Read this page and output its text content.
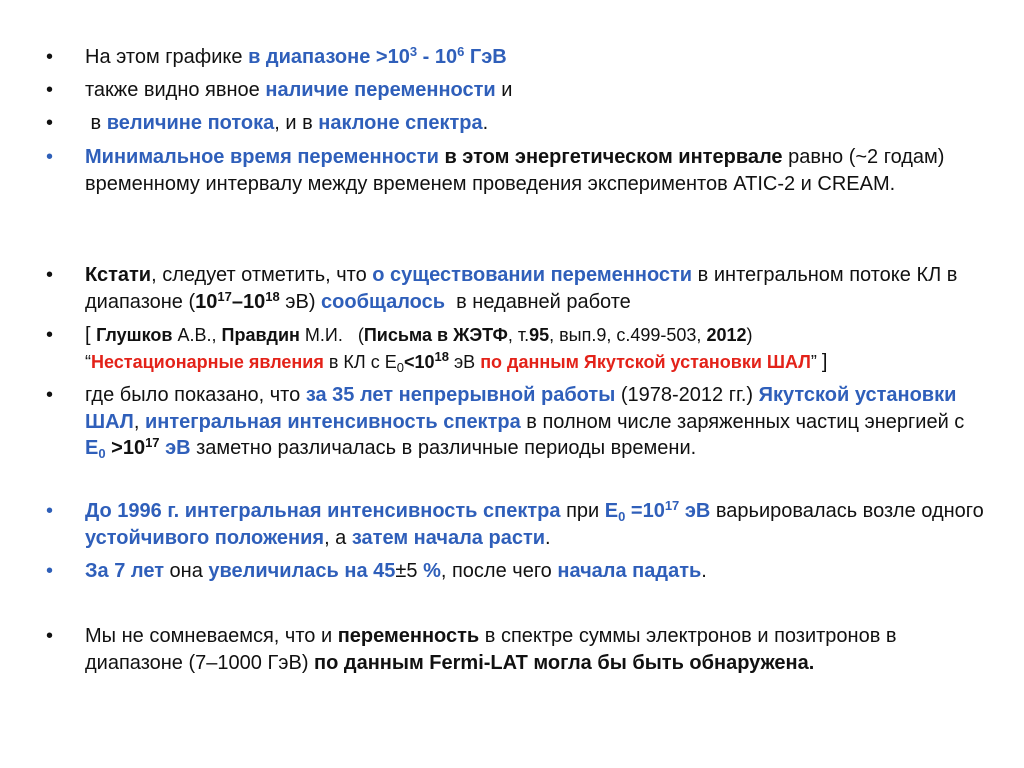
• На этом графике в диапазоне $>10^3 - 10^6$ ГэВ
• также видно явное наличие переменности и
• в величине потока, и в наклоне спектра.
• Минимальное время переменности в этом энергетическом интервале равно (~2 годам) временному интервалу между временем проведения экспериментов ATIC-2 и CREAM.
• Кстати, следует отметить, что о существовании переменности в интегральном потоке КЛ в диапазоне ($10^{17}-10^{18}$ эВ) сообщалось  в недавней работе
• [ Глушков А.В., Правдин М.И.   (Письма в ЖЭТФ, т.95, вып.9, с.499-503, 2012)
“Нестационарные явления в КЛ с $E_0<10^{18}$ эВ по данным Якутской установки ШАЛ” ]
• где было показано, что за 35 лет непрерывной работы (1978-2012 гг.) Якутской установки ШАЛ, интегральная интенсивность спектра в полном числе заряженных частиц энергией с $E_0 >10^{17}$ эВ заметно различалась в различные периоды времени.
• До 1996 г. интегральная интенсивность спектра при $E_0 =10^{17}$ эВ варьировалась возле одного устойчивого положения, а затем начала расти.
• За 7 лет она увеличилась на 45±5 %, после чего начала падать.
• Мы не сомневаемся, что и переменность в спектре суммы электронов и позитронов в диапазоне (7–1000 ГэВ) по данным Fermi-LAT могла бы быть обнаружена.
